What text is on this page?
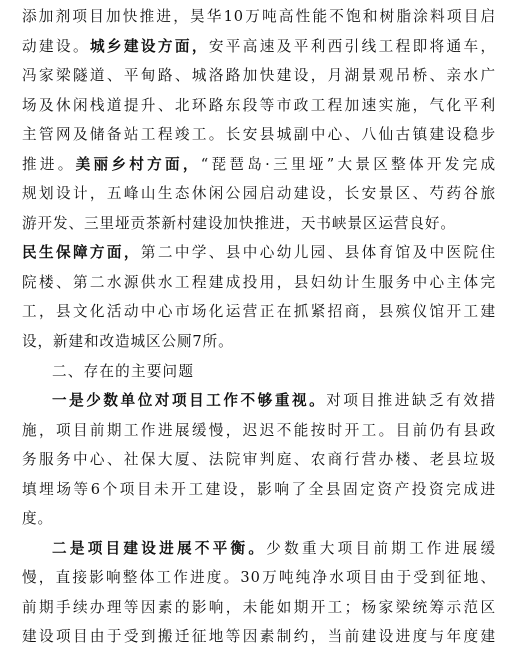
添加剂项目加快推进，昊华10万吨高性能不饱和树脂涂料项目启
动建设。城乡建设方面，安平高速及平利西引线工程即将通车，
冯家梁隧道、平甸路、城洛路加快建设，月湖景观吊桥、亲水广
场及休闲栈道提升、北环路东段等市政工程加速实施，气化平利
主管网及储备站工程竣工。长安县城副中心、八仙古镇建设稳步
推进。美丽乡村方面，“琵琶岛·三里垭”大景区整体开发完成
规划设计，五峰山生态休闲公园启动建设，长安景区、芍药谷旅
游开发、三里垭贡茶新村建设加快推进，天书峡景区运营良好。
民生保障方面，第二中学、县中心幼儿园、县体育馆及中医院住
院楼、第二水源供水工程建成投用，县妇幼计生服务中心主体完
工，县文化活动中心市场化运营正在抓紧招商，县殡仪馆开工建
设，新建和改造城区公厕7所。
二、存在的主要问题
一是少数单位对项目工作不够重视。对项目推进缺乏有效措
施，项目前期工作进展缓慢，迟迟不能按时开工。目前仍有县政
务服务中心、社保大厦、法院审判庭、农商行营办楼、老县垃圾
填埋场等6个项目未开工建设，影响了全县固定资产投资完成进
度。
二是项目建设进展不平衡。少数重大项目前期工作进展缓
慢，直接影响整体工作进度。30万吨纯净水项目由于受到征地、
前期手续办理等因素的影响，未能如期开工；杨家梁统筹示范区
建设项目由于受到搬迁征地等因素制约，当前建设进度与年度建
